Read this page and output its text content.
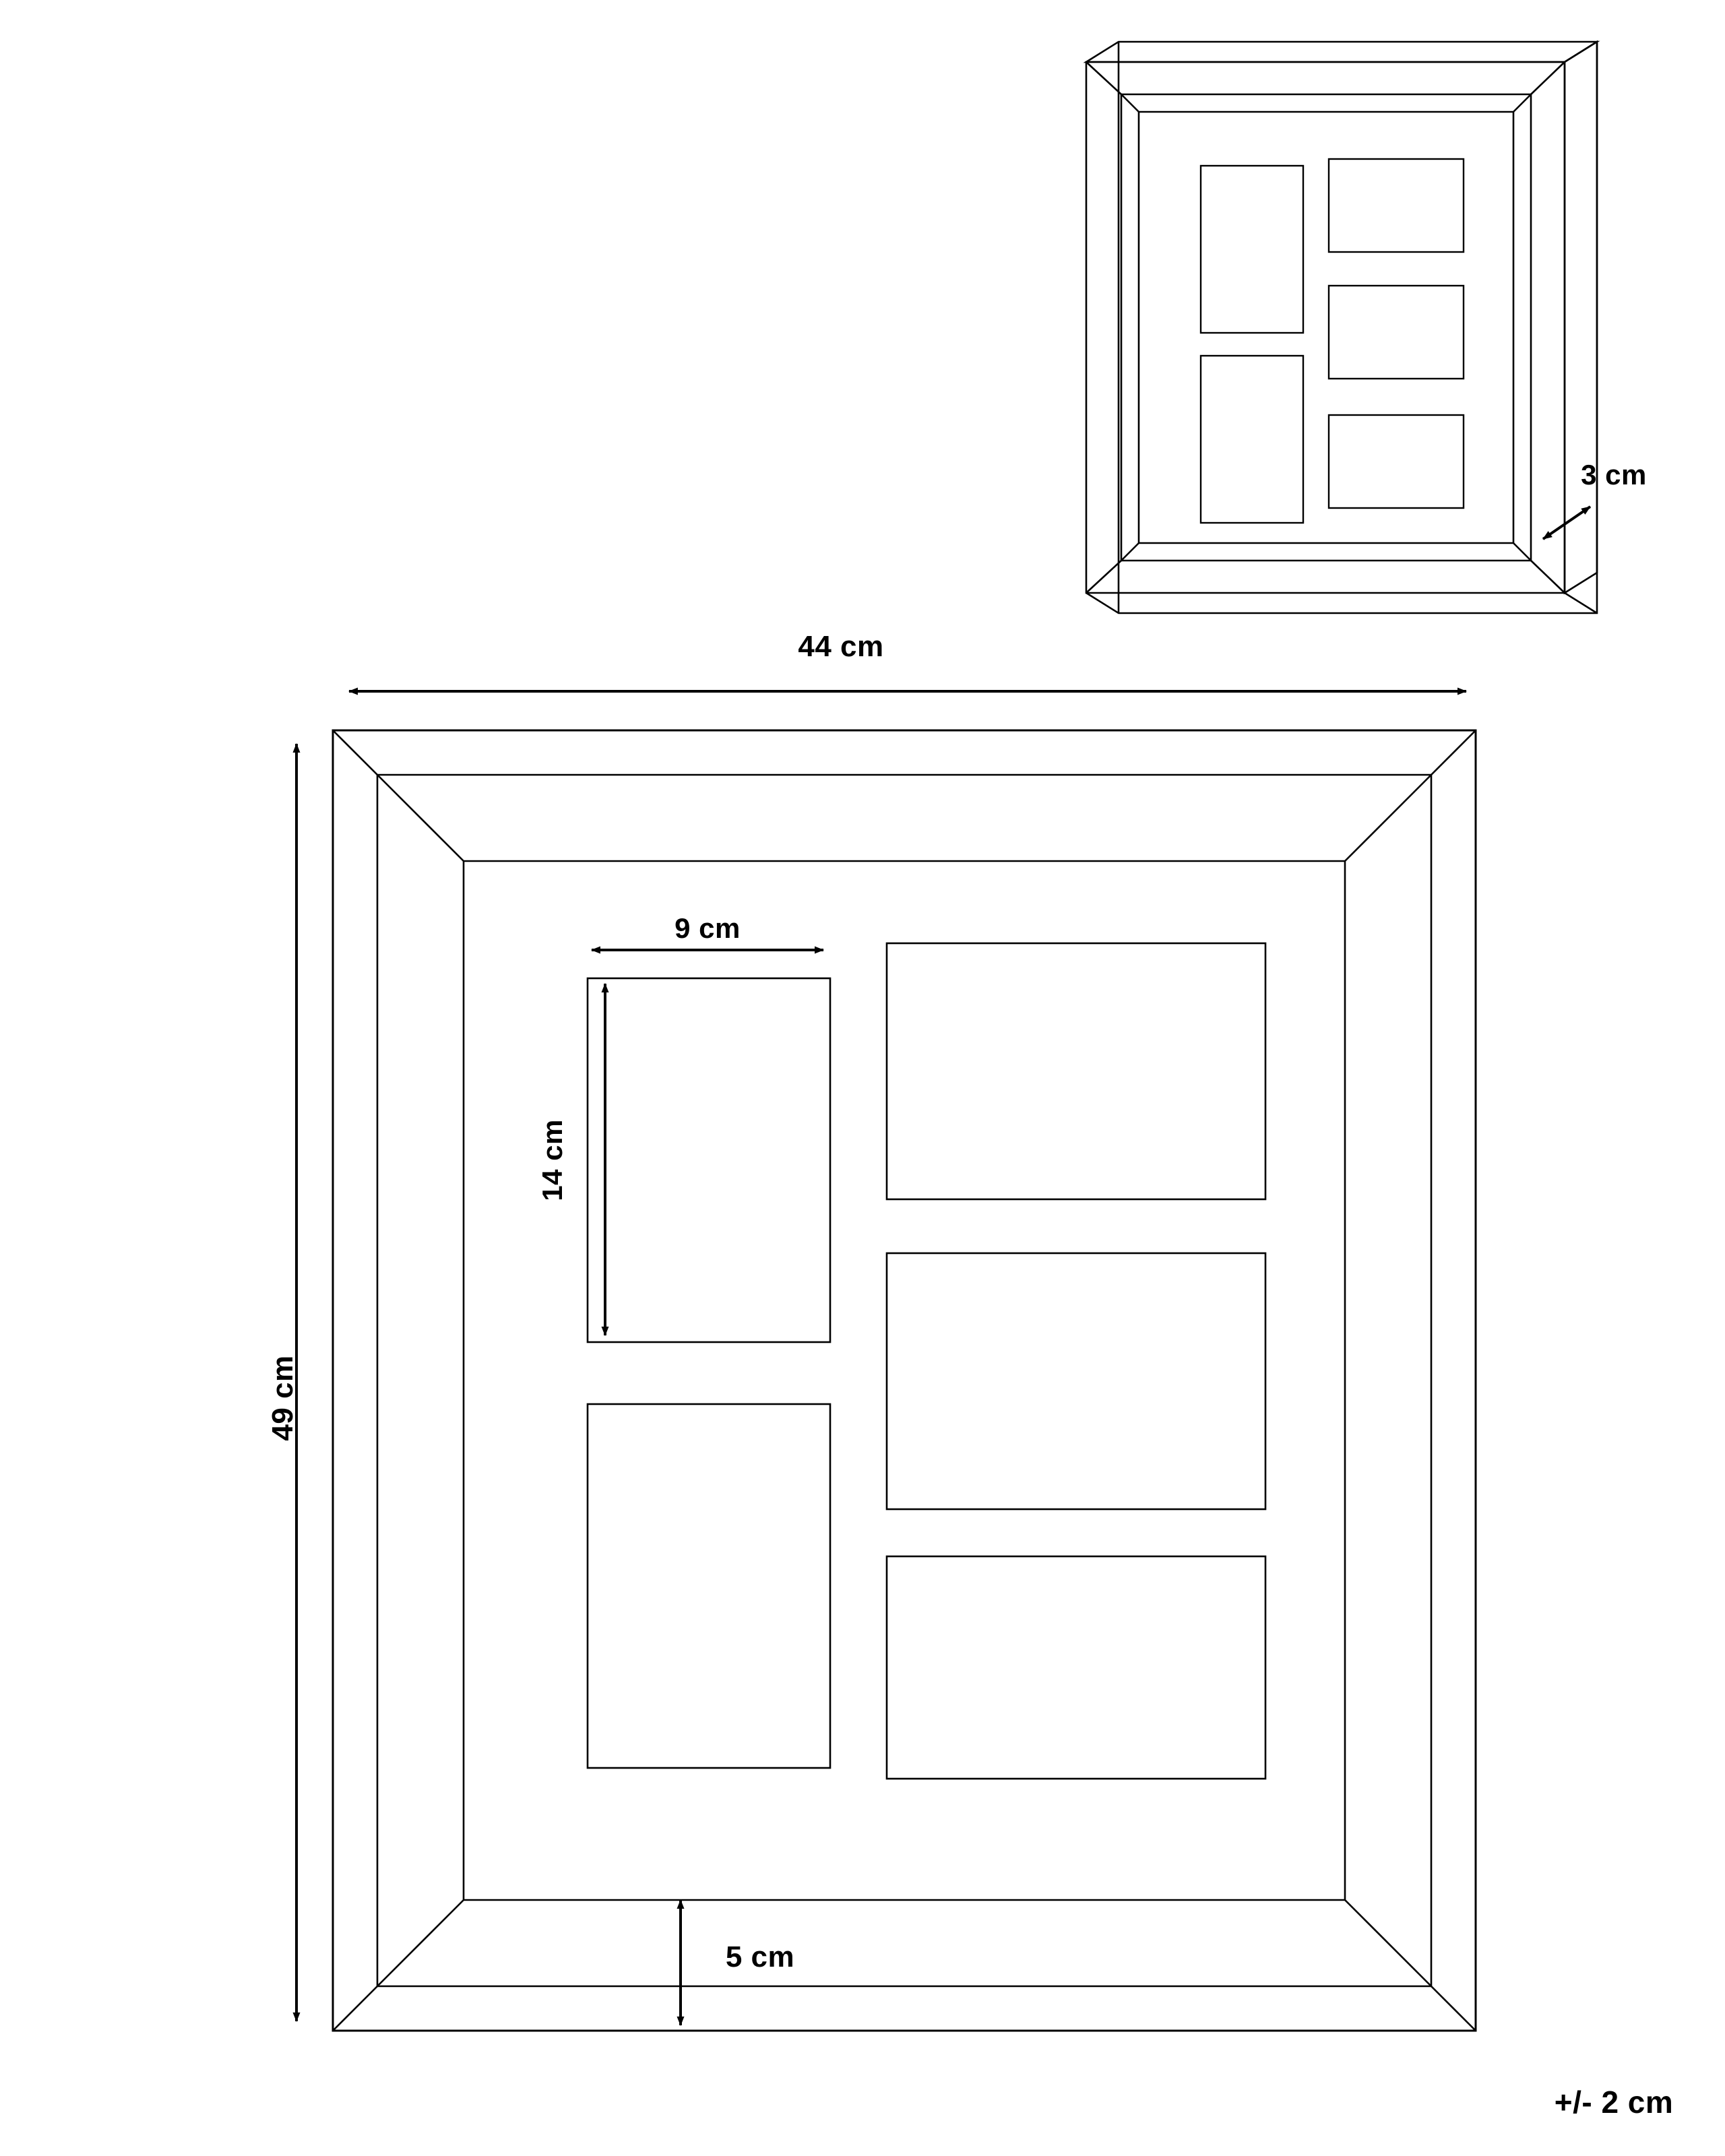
44 cm
49 cm
9 cm
14 cm
5 cm
3 cm
+/- 2 cm
